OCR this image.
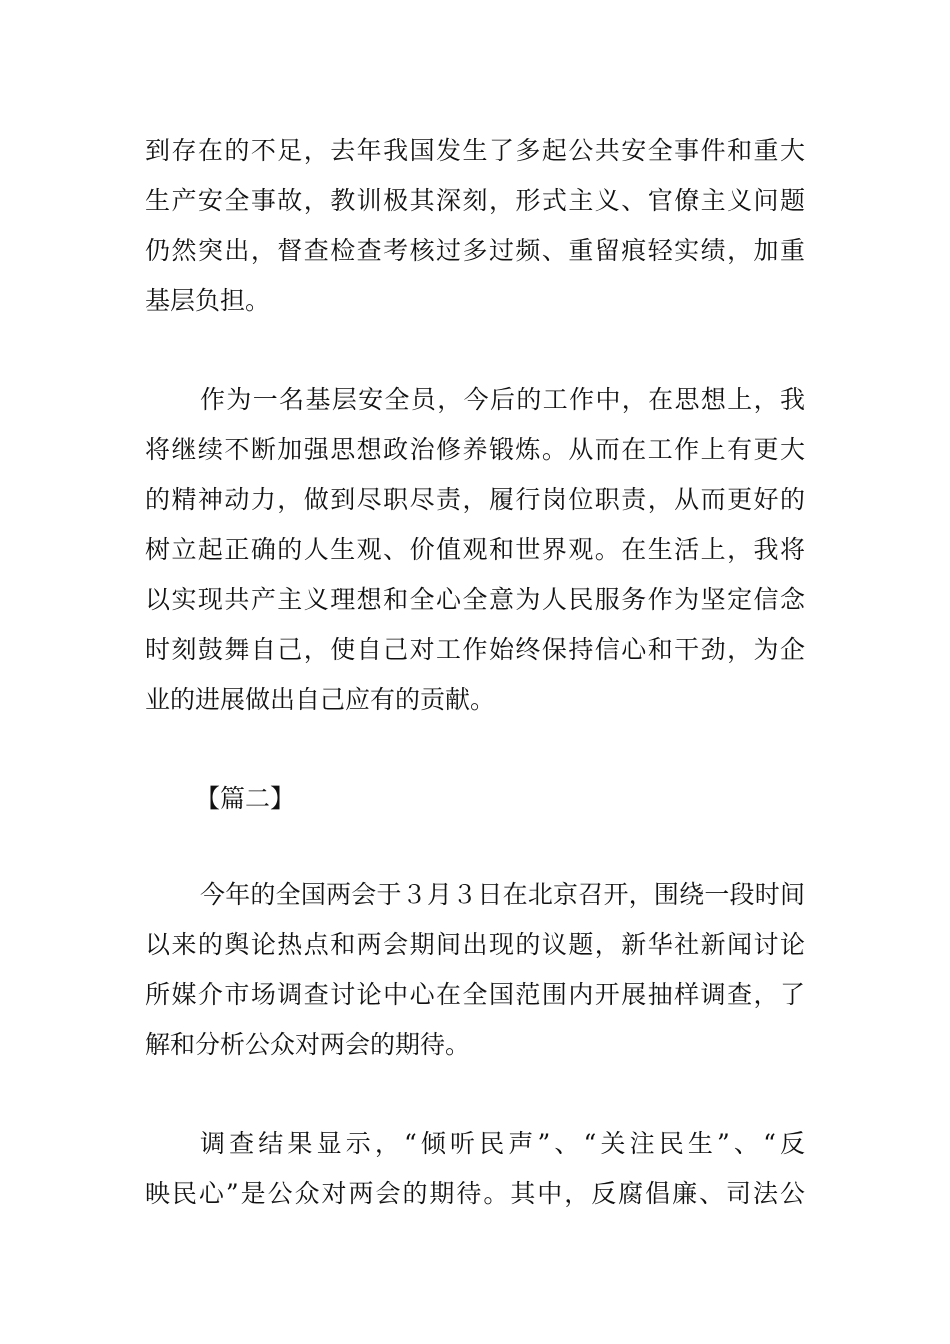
到存在的不足，去年我国发生了多起公共安全事件和重大
生产安全事故，教训极其深刻，形式主义、官僚主义问题
仍然突出，督查检查考核过多过频、重留痕轻实绩，加重
基层负担。
作为一名基层安全员，今后的工作中，在思想上，我
将继续不断加强思想政治修养锻炼。从而在工作上有更大
的精神动力，做到尽职尽责，履行岗位职责，从而更好的
树立起正确的人生观、价值观和世界观。在生活上，我将
以实现共产主义理想和全心全意为人民服务作为坚定信念
时刻鼓舞自己，使自己对工作始终保持信心和干劲，为企
业的进展做出自己应有的贡献。
【篇二】
今年的全国两会于３月３日在北京召开，围绕一段时间
以来的舆论热点和两会期间出现的议题，新华社新闻讨论
所媒介市场调查讨论中心在全国范围内开展抽样调查，了
解和分析公众对两会的期待。
调查结果显示，“倾听民声”、“关注民生”、“反
映民心”是公众对两会的期待。其中，反腐倡廉、司法公
